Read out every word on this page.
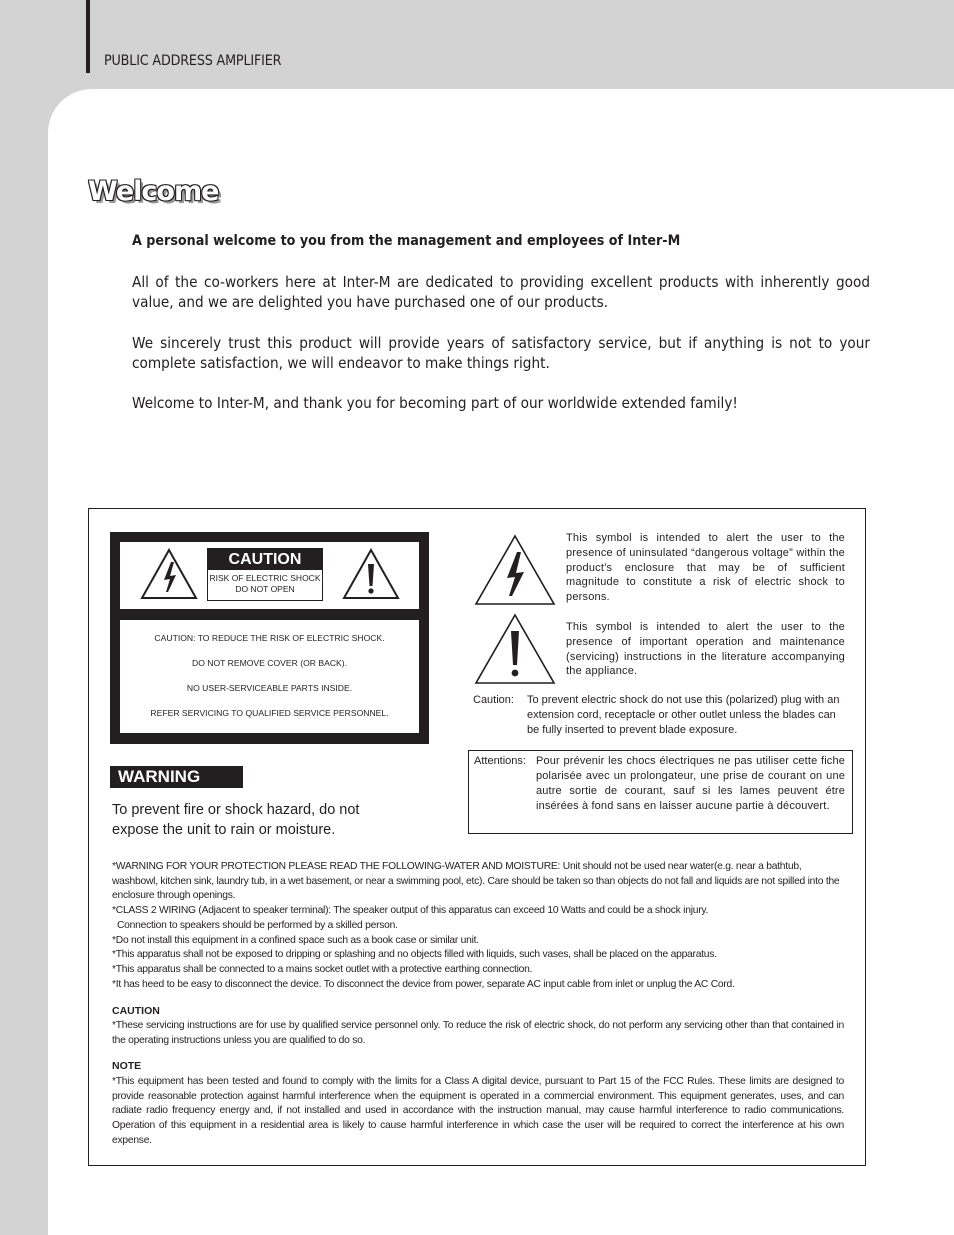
PUBLIC ADDRESS AMPLIFIER
Welcome
A personal welcome to you from the management and employees of Inter-M
All of the co-workers here at Inter-M are dedicated to providing excellent products with inherently good value, and we are delighted you have purchased one of our products.
We sincerely trust this product will provide years of satisfactory service, but if anything is not to your complete satisfaction, we will endeavor to make things right.
Welcome to Inter-M, and thank you for becoming part of our worldwide extended family!
CAUTION
RISK OF ELECTRIC SHOCK
DO NOT OPEN
CAUTION: TO REDUCE THE RISK OF ELECTRIC SHOCK.
DO NOT REMOVE COVER (OR BACK).
NO USER-SERVICEABLE PARTS INSIDE.
REFER SERVICING TO QUALIFIED SERVICE PERSONNEL.
WARNING
To prevent fire or shock hazard, do not expose the unit to rain or moisture.
This symbol is intended to alert the user to the presence of uninsulated “dangerous voltage” within the product’s enclosure that may be of sufficient magnitude to constitute a risk of electric shock to persons.
This symbol is intended to alert the user to the presence of important operation and maintenance (servicing) instructions in the literature accompanying the appliance.
Caution: To prevent electric shock do not use this (polarized) plug with an extension cord, receptacle or other outlet unless the blades can be fully inserted to prevent blade exposure.
Attentions: Pour prévenir les chocs électriques ne pas utiliser cette fiche polarisée avec un prolongateur, une prise de courant on une autre sortie de courant, sauf si les lames peuvent étre insérées à fond sans en laisser aucune partie à découvert.
*WARNING FOR YOUR PROTECTION PLEASE READ THE FOLLOWING-WATER AND MOISTURE: Unit should not be used near water(e.g. near a bathtub, washbowl, kitchen sink, laundry tub, in a wet basement, or near a swimming pool, etc). Care should be taken so than objects do not fall and liquids are not spilled into the enclosure through openings.
*CLASS 2 WIRING (Adjacent to speaker terminal): The speaker output of this apparatus can exceed 10 Watts and could be a shock injury.
Connection to speakers should be performed by a skilled person.
*Do not install this equipment in a confined space such as a book case or similar unit.
*This apparatus shall not be exposed to dripping or splashing and no objects filled with liquids, such vases, shall be placed on the apparatus.
*This apparatus shall be connected to a mains socket outlet with a protective earthing connection.
*It has heed to be easy to disconnect the device. To disconnect the device from power, separate AC input cable from inlet or unplug the AC Cord.
CAUTION
*These servicing instructions are for use by qualified service personnel only. To reduce the risk of electric shock, do not perform any servicing other than that contained in the operating instructions unless you are qualified to do so.
NOTE
*This equipment has been tested and found to comply with the limits for a Class A digital device, pursuant to Part 15 of the FCC Rules. These limits are designed to provide reasonable protection against harmful interference when the equipment is operated in a commercial environment. This equipment generates, uses, and can radiate radio frequency energy and, if not installed and used in accordance with the instruction manual, may cause harmful interference to radio communications. Operation of this equipment in a residential area is likely to cause harmful interference in which case the user will be required to correct the interference at his own expense.
